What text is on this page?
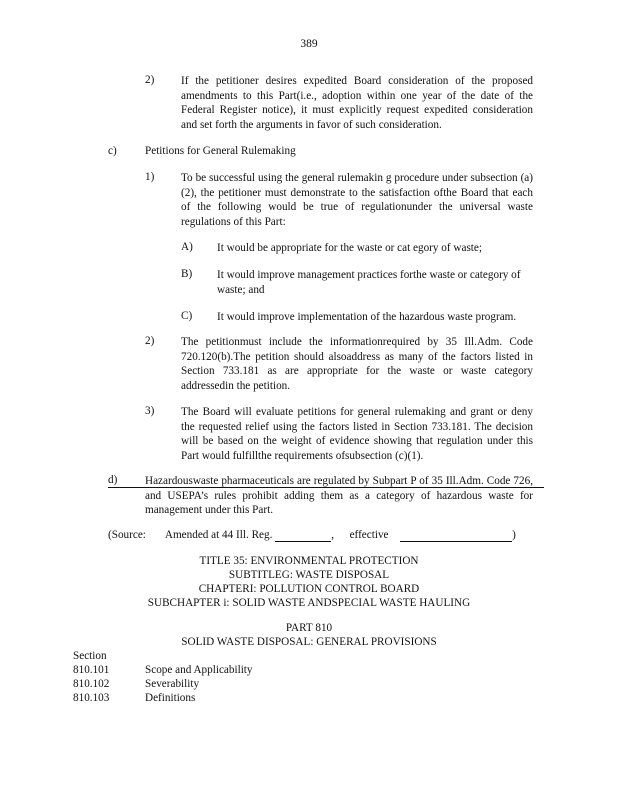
389
2) If the petitioner desires expedited Board consideration of the proposed amendments to this Part(i.e., adoption within one year of the date of the Federal Register notice), it must explicitly request expedited consideration and set forth the arguments in favor of such consideration.
c)	Petitions for General Rulemaking
1) To be successful using the general rulemakin g procedure under subsection (a)(2), the petitioner must demonstrate to the satisfaction ofthe Board that each of the following would be true of regulationunder the universal waste regulations of this Part:
A) It would be appropriate for the waste or cat egory of waste;
B) It would improve management practices forthe waste or category of waste; and
C) It would improve implementation of the hazardous waste program.
2) The petitionmust include the informationrequired by 35 Ill.Adm. Code 720.120(b).The petition should alsoaddress as many of the factors listed in Section 733.181 as are appropriate for the waste or waste category addressedin the petition.
3) The Board will evaluate petitions for general rulemaking and grant or deny the requested relief using the factors listed in Section 733.181. The decision will be based on the weight of evidence showing that regulation under this Part would fulfillthe requirements ofsubsection (c)(1).
d) Hazardouswaste pharmaceuticals are regulated by Subpart P of 35 Ill.Adm. Code 726, and USEPA’s rules prohibit adding them as a category of hazardous waste for management under this Part.
(Source: Amended at 44 Ill. Reg.	, effective	)
TITLE 35: ENVIRONMENTAL PROTECTION
SUBTITLEG: WASTE DISPOSAL
CHAPTERI: POLLUTION CONTROL BOARD
SUBCHAPTER i: SOLID WASTE ANDSPECIAL WASTE HAULING
PART 810
SOLID WASTE DISPOSAL: GENERAL PROVISIONS
Section
810.101	Scope and Applicability
810.102	Severability
810.103	Definitions
